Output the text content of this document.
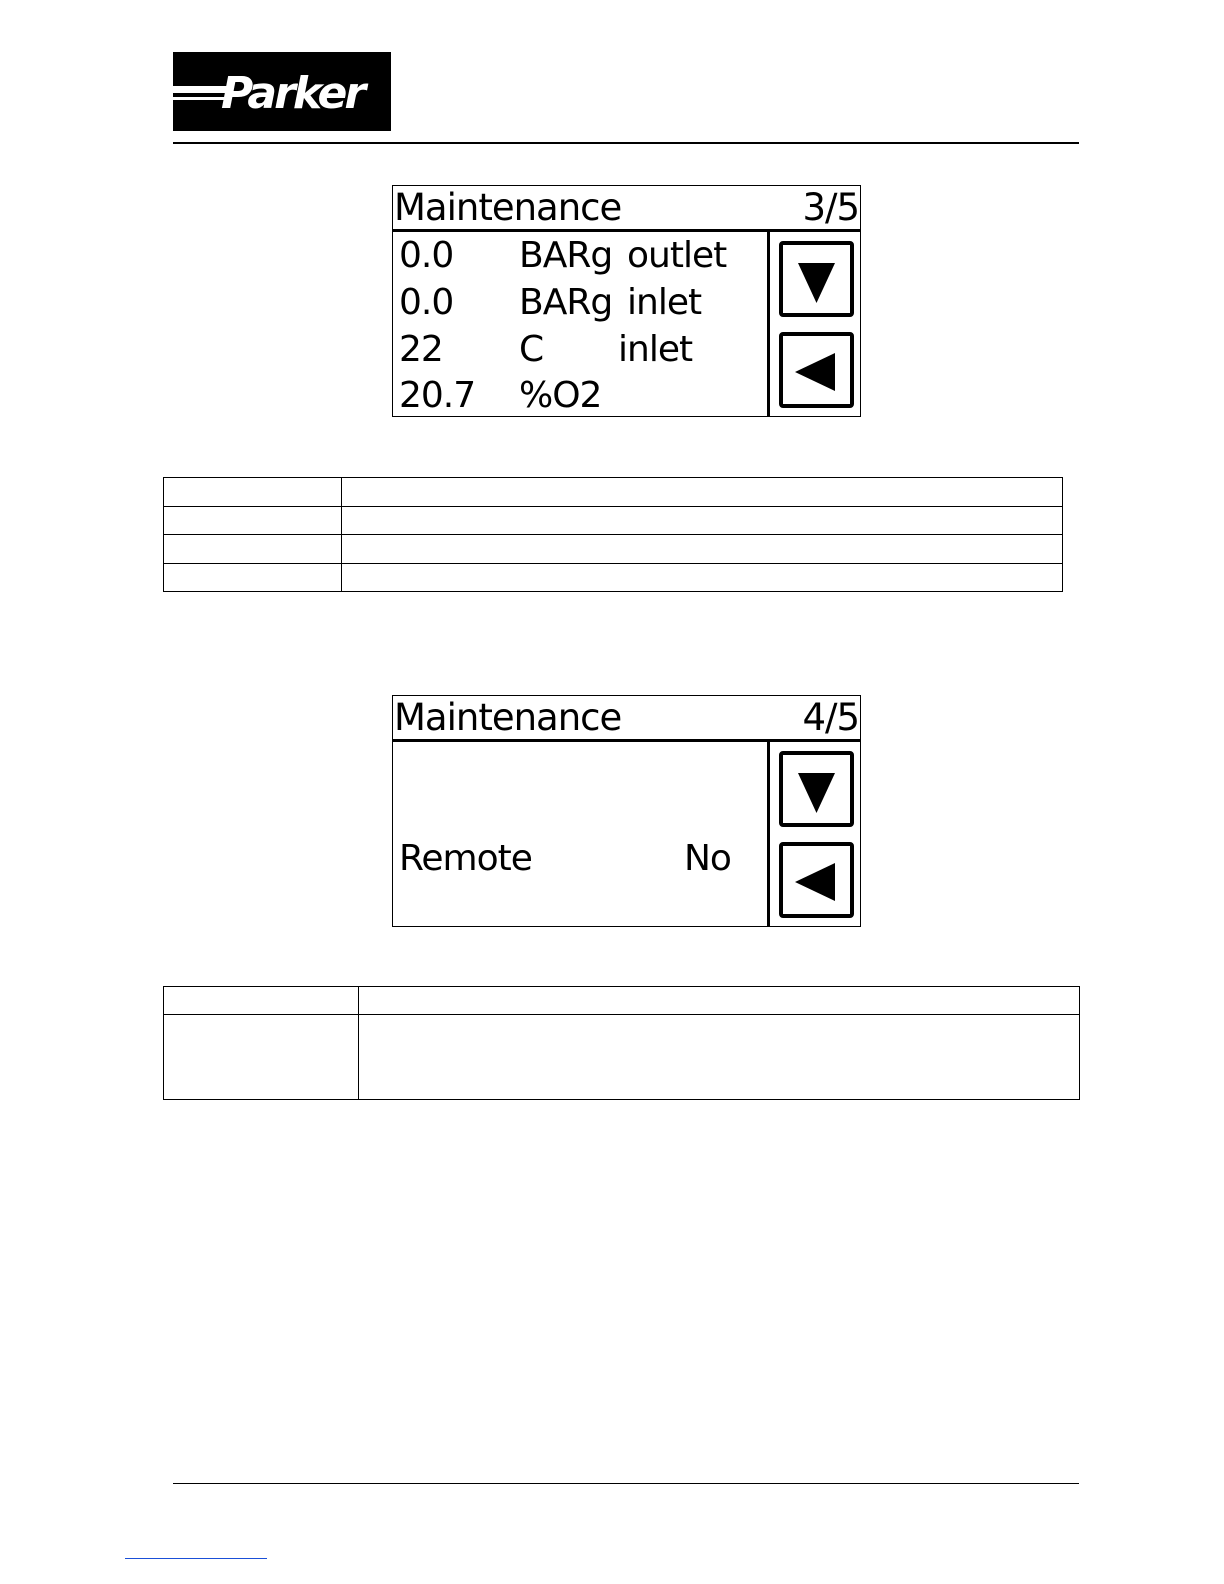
Parker
Maintenance	3/5
0.0 BARg outlet
0.0 BARg inlet
22 C inlet
20.7 %O2

Maintenance	4/5
Remote	No
